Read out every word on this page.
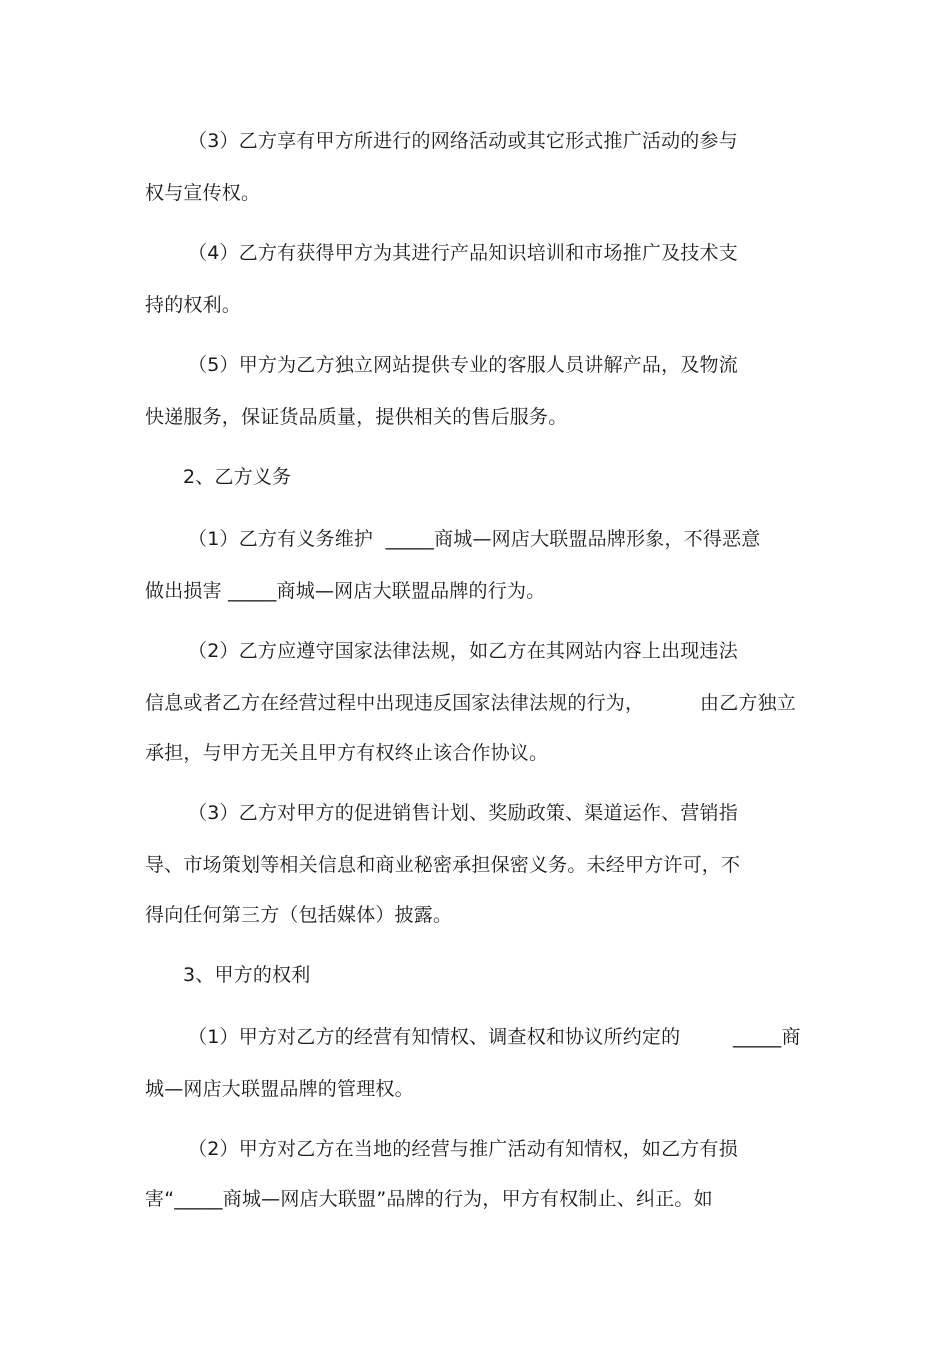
（3）乙方享有甲方所进行的网络活动或其它形式推广活动的参与
权与宣传权。
（4）乙方有获得甲方为其进行产品知识培训和市场推广及技术支
持的权利。
（5）甲方为乙方独立网站提供专业的客服人员讲解产品，及物流
快递服务，保证货品质量，提供相关的售后服务。
2、乙方义务
（1）乙方有义务维护  _____商城—网店大联盟品牌形象，不得恶意
做出损害 _____商城—网店大联盟品牌的行为。
（2）乙方应遵守国家法律法规，如乙方在其网站内容上出现违法
信息或者乙方在经营过程中出现违反国家法律法规的行为，	由乙方独立
承担，与甲方无关且甲方有权终止该合作协议。
（3）乙方对甲方的促进销售计划、奖励政策、渠道运作、营销指
导、市场策划等相关信息和商业秘密承担保密义务。未经甲方许可，不
得向任何第三方（包括媒体）披露。
3、甲方的权利
（1）甲方对乙方的经营有知情权、调查权和协议所约定的	_____商
城—网店大联盟品牌的管理权。
（2）甲方对乙方在当地的经营与推广活动有知情权，如乙方有损
害“_____商城—网店大联盟”品牌的行为，甲方有权制止、纠正。如
